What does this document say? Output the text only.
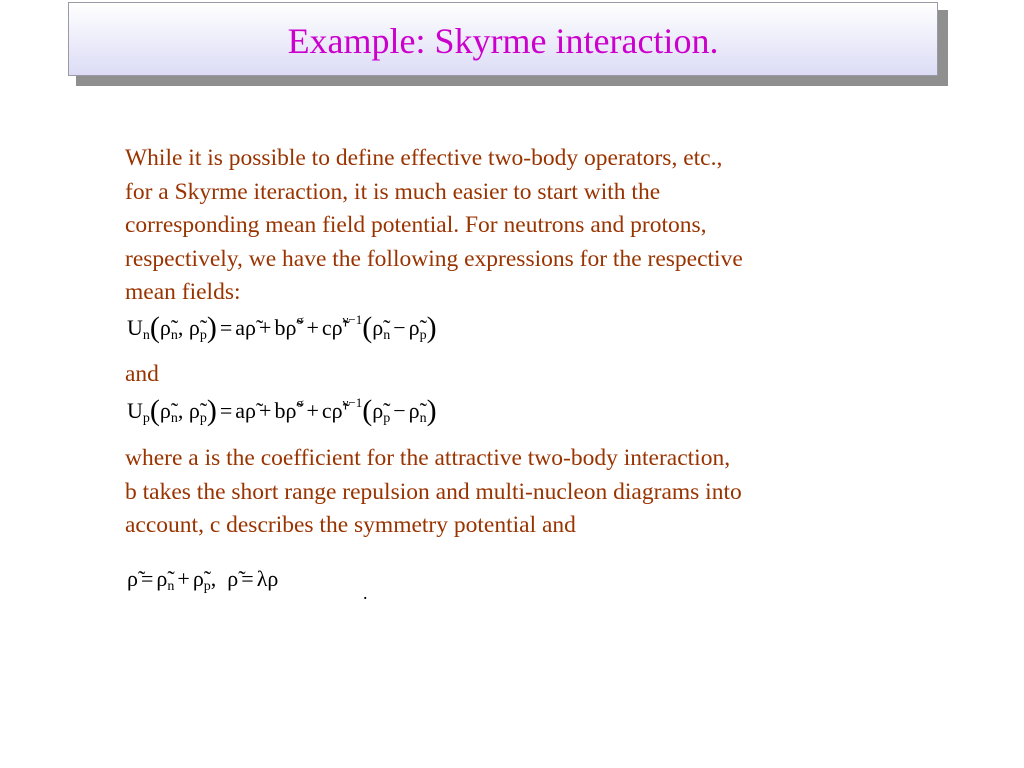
Example: Skyrme interaction.
While it is possible to define effective two-body operators, etc.,
for a Skyrme iteraction, it is much easier to start with the
corresponding mean field potential. For neutrons and protons,
respectively, we have the following expressions for the respective
mean fields:
$U_n(\rhõ_n$, $\rhõ_p$) = aρ̃ + bρ̃$^\sigma$ + $c\rhõ^{\gamma-1}(\rhõ_n$ − $\rhõ_p$)
and
$U_p(\rhõ_n$, $\rhõ_p$) = aρ̃ + bρ̃$^\sigma$ + $c\rhõ^{\gamma-1}(\rhõ_p$ − $\rhõ_n$)
where a is the coefficient for the attractive two-body interaction,
b takes the short range repulsion and multi-nucleon diagrams into
account, c describes the symmetry potential and
ρ̃ = $\rhõ_n$ + $\rhõ_p$,  ρ̃ = λρ
.
